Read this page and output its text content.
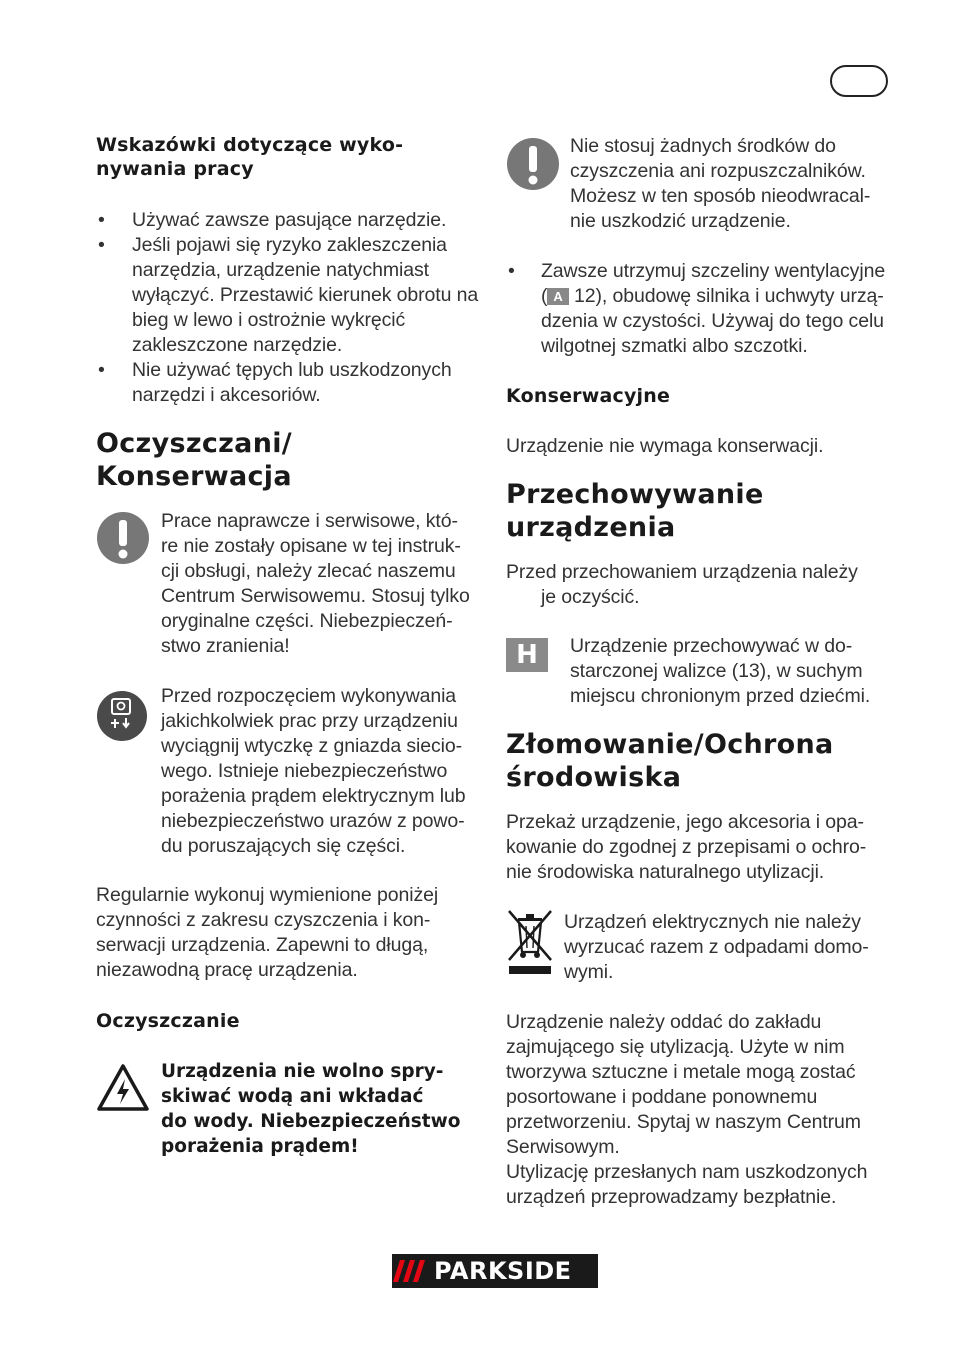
Wskazówki dotyczące wyko-
nywania pracy
• Używać zawsze pasujące narzędzie.
• Jeśli pojawi się ryzyko zakleszczenia narzędzia, urządzenie natychmiast wyłączyć. Przestawić kierunek obrotu na bieg w lewo i ostrożnie wykręcić zakleszczone narzędzie.
• Nie używać tępych lub uszkodzonych narzędzi i akcesoriów.
Oczyszczani/
Konserwacja
Prace naprawcze i serwisowe, któ-
re nie zostały opisane w tej instruk-
cji obsługi, należy zlecać naszemu
Centrum Serwisowemu. Stosuj tylko
oryginalne części. Niebezpieczeń-
stwo zranienia!
Przed rozpoczęciem wykonywania
jakichkolwiek prac przy urządzeniu
wyciągnij wtyczkę z gniazda siecio-
wego. Istnieje niebezpieczeństwo
porażenia prądem elektrycznym lub
niebezpieczeństwo urazów z powo-
du poruszających się części.
Regularnie wykonuj wymienione poniżej
czynności z zakresu czyszczenia i kon-
serwacji urządzenia. Zapewni to długą,
niezawodną pracę urządzenia.
Oczyszczanie
Urządzenia nie wolno spry-
skiwać wodą ani wkładać
do wody. Niebezpieczeństwo
porażenia prądem!
Nie stosuj żadnych środków do
czyszczenia ani rozpuszczalników.
Możesz w ten sposób nieodwracal-
nie uszkodzić urządzenie.
•	Zawsze utrzymuj szczeliny wentylacyjne
( A 12), obudowę silnika i uchwyty urzą-
dzenia w czystości. Używaj do tego celu
wilgotnej szmatki albo szczotki.
Konserwacyjne
Urządzenie nie wymaga konserwacji.
Przechowywanie
urządzenia
Przed przechowaniem urządzenia należy
je oczyścić.
H	Urządzenie przechowywać w do-
starczonej walizce (13), w suchym
miejscu chronionym przed dziećmi.
Złomowanie/Ochrona
środowiska
Przekaż urządzenie, jego akcesoria i opa-
kowanie do zgodnej z przepisami o ochro-
nie środowiska naturalnego utylizacji.
Urządzeń elektrycznych nie należy
wyrzucać razem z odpadami domo-
wymi.
Urządzenie należy oddać do zakładu
zajmującego się utylizacją. Użyte w nim
tworzywa sztuczne i metale mogą zostać
posortowane i poddane ponownemu
przetworzeniu. Spytaj w naszym Centrum
Serwisowym.
Utylizację przesłanych nam uszkodzonych
urządzeń przeprowadzamy bezpłatnie.
PARKSIDE
